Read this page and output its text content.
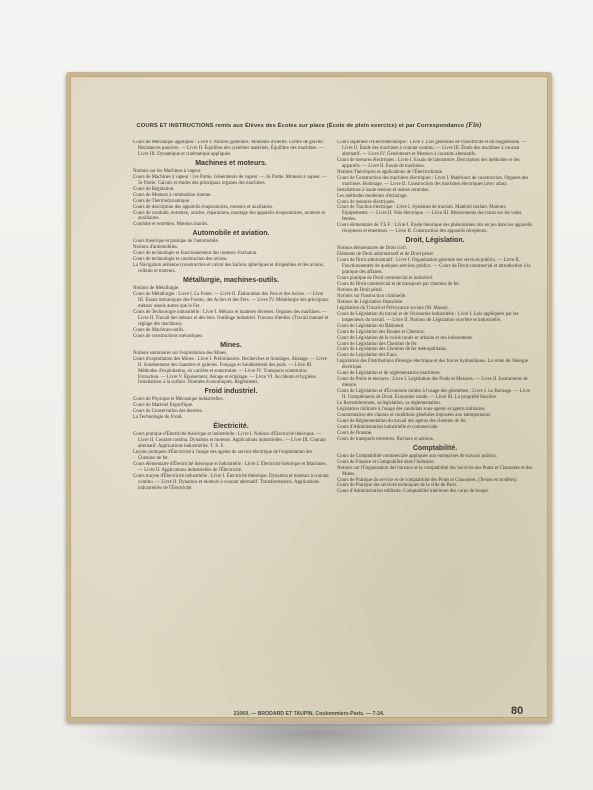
COURS ET INSTRUCTIONS remis aux Élèves des Écoles sur place (École de plein exercice) et par Correspondance (Fin)
Cours de Mécanique appliquée : Livre I. Notions générales. Moments d'inertie. Centre de gravité. Résistances passives. — Livre II. Équilibre des systèmes matériels. Équilibre des machines. — Livre III. Dynamique et cinématique appliquée.
Machines et moteurs.
Notions sur les Machines à vapeur.
Cours de Machines à vapeur : 1re Partie. Générateurs de vapeur. — 2e Partie. Moteurs à vapeur. — 3e Partie. Calculs et études des principaux organes des machines.
Cours de Régulation.
Cours de Moteurs à combustion interne.
Cours de Thermodynamique.
Cours de description des appareils évaporatoires, moteurs et auxiliaires.
Cours de conduite, entretien, avaries, réparations, montage des appareils évaporatoires, moteurs et auxiliaires.
Conduite et entretien. Moteurs marins.
Automobile et aviation.
Cours théorique et pratique de l'automobile.
Notions d'automobiles.
Cours de technologie et fonctionnement des moteurs d'aviation.
Cours de technologie et construction des avions.
La Navigation aérienne (construction et calcul des ballons sphériques et dirigeables et des avions, cellules et moteurs.
Métallurgie, machines-outils.
Notions de Métallurgie.
Cours de Métallurgie : Livre I. La Fonte. — Livre II. Élaboration des Fers et des Aciers. — Livre III. Essais mécaniques des Fontes, des Aciers et des Fers. — Livre IV. Métallurgie des principaux métaux usuels autres que le Fer.
Cours de Technologie industrielle : Livre I. Métaux et matières diverses. Organes des machines. — Livre II. Travail des métaux et des bois. Outillage industriel. Travaux d'atelier. (Travail manuel et réglage des machines).
Cours de Machines-outils.
Cours de constructions mécaniques.
Mines.
Notions sommaires sur l'exploitation des Mines.
Cours d'exploitation des Mines : Livre I. Préliminaires. Recherches et Sondages. Abatage. — Livre II. Soutènement des chantiers et galeries. Fonçage et Soutènement des puits. — Livre III. Méthodes d'exploitation, en carrière et souterraine. — Livre IV. Transports souterrains. Extraction. — Livre V. Épuisement. Aérage et éclairage. — Livre VI. Accidents et hygiène. Installations à la surface. Données économiques. Règlements.
Froid industriel.
Cours de Physique et Mécanique industrielles.
Cours de Matériel frigorifique.
Cours de Conservation des denrées.
La Technologie du Froid.
Électricité.
Cours pratique d'Électricité théorique et industrielle : Livre I. Notions d'Électricité théorique. — Livre II. Courant continu. Dynamos et moteurs. Applications industrielles. — Livre III. Courant alternatif. Applications industrielles. T. S. F.
Leçons pratiques d'Électricité à l'usage des agents du service électrique de l'exploitation des Chemins de fer.
Cours élémentaire d'Électricité théorique et industrielle : Livre I. Électricité théorique et Machines. — Livre II. Applications industrielles de l'Électricité.
Cours moyen d'Électricité industrielle : Livre I. Électricité théorique. Dynamos et moteurs à courant continu. — Livre II. Dynamos et moteurs à courant alternatif. Transformateurs. Applications industrielles de l'Électricité.
Cours supérieur d'Électrotechnique : Livre I. Lois générales de l'Électricité et du magnétisme. — Livre II. Étude des machines à courant continu. — Livre III. Étude des machines à courant alternatif. — Livre IV. Générateurs et Moteurs à courants alternatifs.
Cours de mesures électriques : Livre I. Essais de laboratoire. Description des méthodes et des appareils. — Livre II. Essais de machines.
Notions Théoriques et applications de l'Électrochimie.
Cours de Construction des machines électriques : Livre I. Matériaux de construction. Organes des machines. Bobinage. — Livre II. Construction des machines électriques (avec atlas).
Installations à haute tension et usines centrales.
Les méthodes modernes d'éclairage.
Cours de mesures électriques.
Cours de Traction électrique : Livre I. Systèmes de traction. Matériel roulant. Moteurs. Équipements. — Livre II. Voie électrique. — Livre III. Mouvements des trains sur les voies ferrées.
Cours élémentaire de T.S.F. : Livre I. Étude théorique des phénomènes mis en jeu dans les appareils récepteurs et émetteurs. — Livre II. Construction des appareils récepteurs.
Droit, Législation.
Notions élémentaires de Droit civil.
Éléments de Droit administratif et de Droit pénal.
Cours de Droit administratif : Livre I. Organisation générale des services publics. — Livre II. Fonctionnement de quelques services publics. — Cours de Droit commercial et introduction à la pratique des affaires.
Cours pratique de Droit commercial et industriel.
Cours de Droit commercial et de transports par chemins de fer.
Notions de Droit pénal.
Notions sur l'instruction criminelle.
Notions de Législation financière.
Législation du Travail et Prévoyance sociale (M. Masse).
Cours de Législation du travail et de l'économie industrielle : Livre I. Lois appliquées par les inspecteurs du travail. — Livre II. Notions de Législation ouvrière et industrielle.
Cours de Législation du Bâtiment.
Cours de Législation des Routes et Chemins.
Cours de Législation de la voirie rurale et urbaine et des lotissements.
Cours de Législation des Chemins de fer.
Cours de Législation des Chemins de fer métropolitains.
Cours de Législation des Eaux.
Législation des Distributions d'énergie électrique et des forces hydrauliques. La vente de l'énergie électrique.
Cours de Législation et de réglementation maritimes.
Cours de Poids et mesures : Livre I. Législation des Poids et Mesures. — Livre II. Instruments de mesure.
Cours de Législation et d'Économie rurales à l'usage des géomètres : Livre I. Le Bornage. — Livre II. Compléments de Droit. Économie rurale. — Livre III. La propriété foncière.
Le Remembrement, sa législation, sa réglementation.
Législation militaire à l'usage des candidats sous-agents et agents militaires.
Commentaires des clauses et conditions générales imposées aux entrepreneurs.
Cours de Réglementation du travail des agents des chemins de fer.
Cours d'Administration industrielle et commerciale.
Cours de Douane.
Cours de transports terrestres, fluviaux et aériens.
Comptabilité.
Cours de Comptabilité commerciale appliquée aux entreprises de travaux publics.
Cours de Finance et Comptabilité dans l'industrie.
Notions sur l'Organisation des bureaux et la comptabilité des Services des Ponts et Chaussées et des Mines.
Cours de Pratique du service et de comptabilité des Ponts et Chaussées. (Textes et modèles).
Cours de Pratique des services techniques de la ville de Paris.
Cours d'Administration militaire. Comptabilité intérieure des corps de troupe.
21069. — BRODARD ET TAUPIN, Coulommiers-Paris. — 7-34.	80
